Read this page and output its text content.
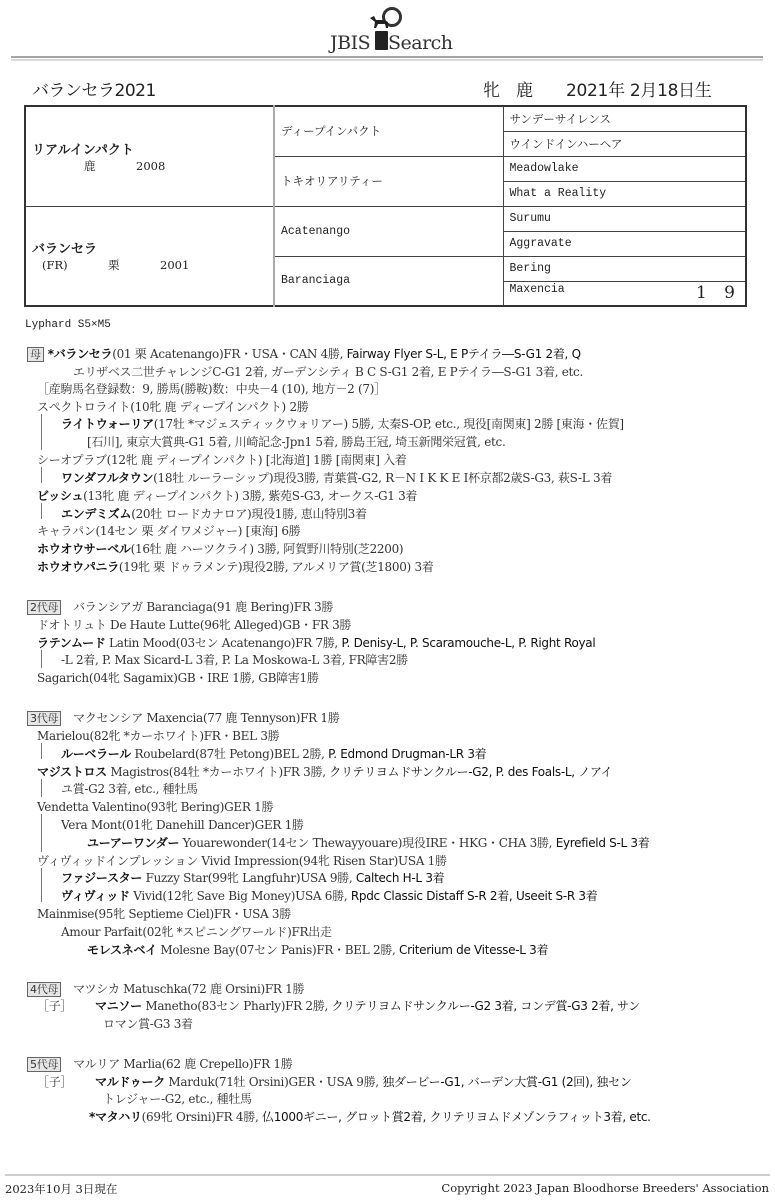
JBIS Search
バランセラ2021	牝 鹿 2021年 2月18日生
リアルインパクト
鹿 2008	ディープインパクト	サンデーサイレンス
		ウインドインハーヘア
	トキオリアリティー	Meadowlake
		What a Reality

バランセラ
(FR) 栗 2001	Acatenango	Surumu
		Aggravate
	Baranciaga	Bering
		Maxencia 1 9
Lyphard S5×M5
母 *バランセラ(01 栗 Acatenango)FR・USA・CAN 4勝, Fairway Flyer S-L, E Pテイラ―S-G1 2着, Q
エリザベス二世チャレンジC-G1 2着, ガーデンシティ B C S-G1 2着, E Pテイラ―S-G1 3着, etc.
［産駒馬名登録数：9, 勝馬(勝鞍)数：中央－4 (10), 地方－2 (7)］
スペクトロライト(10牝 鹿 ディープインパクト) 2勝
ライトウォーリア(17牡 *マジェスティックウォリアー) 5勝, 太秦S-OP, etc., 現役[南関東] 2勝 [東海・佐賀]
[石川], 東京大賞典-G1 5着, 川崎記念-Jpn1 5着, 勝島王冠, 埼玉新聞栄冠賞, etc.
シーオプラブ(12牝 鹿 ディープインパクト) [北海道] 1勝 [南関東] 入着
ワンダフルタウン(18牡 ルーラーシップ)現役3勝, 青葉賞-G2, R－N I K K E I杯京都2歳S-G3, 萩S-L 3着
ビッシュ(13牝 鹿 ディープインパクト) 3勝, 紫苑S-G3, オークス-G1 3着
エンデミズム(20牡 ロードカナロア)現役1勝, 恵山特別3着
キャラパン(14セン 栗 ダイワメジャー) [東海] 6勝
ホウオウサーベル(16牡 鹿 ハーツクライ) 3勝, 阿賀野川特別(芝2200)
ホウオウパニラ(19牝 栗 ドゥラメンテ)現役2勝, アルメリア賞(芝1800) 3着
2代母 バランシアガ Baranciaga(91 鹿 Bering)FR 3勝
ドオトリュト De Haute Lutte(96牝 Alleged)GB・FR 3勝
ラテンムード Latin Mood(03セン Acatenango)FR 7勝, P. Denisy-L, P. Scaramouche-L, P. Right Royal
-L 2着, P. Max Sicard-L 3着, P. La Moskowa-L 3着, FR障害2勝
Sagarich(04牝 Sagamix)GB・IRE 1勝, GB障害1勝
3代母 マクセンシア Maxencia(77 鹿 Tennyson)FR 1勝
Marielou(82牝 *カーホワイト)FR・BEL 3勝
ルーベラール Roubelard(87牡 Petong)BEL 2勝, P. Edmond Drugman-LR 3着
マジストロス Magistros(84牡 *カーホワイト)FR 3勝, クリテリヨムドサンクルー-G2, P. des Foals-L, ノアイ
ユ賞-G2 3着, etc., 種牡馬
Vendetta Valentino(93牝 Bering)GER 1勝
Vera Mont(01牝 Danehill Dancer)GER 1勝
ユーアーワンダー Youarewonder(14セン Thewayyouare)現役IRE・HKG・CHA 3勝, Eyrefield S-L 3着
ヴィヴィッドインプレッション Vivid Impression(94牝 Risen Star)USA 1勝
ファジースター Fuzzy Star(99牝 Langfuhr)USA 9勝, Caltech H-L 3着
ヴィヴィッド Vivid(12牝 Save Big Money)USA 6勝, Rpdc Classic Distaff S-R 2着, Useeit S-R 3着
Mainmise(95牝 Septieme Ciel)FR・USA 3勝
Amour Parfait(02牝 *スピニングワールド)FR出走
モレスネベイ Molesne Bay(07セン Panis)FR・BEL 2勝, Criterium de Vitesse-L 3着
4代母 マツシカ Matuschka(72 鹿 Orsini)FR 1勝
［子］ マニソー Manetho(83セン Pharly)FR 2勝, クリテリヨムドサンクルー-G2 3着, コンデ賞-G3 2着, サン
ロマン賞-G3 3着
5代母 マルリア Marlia(62 鹿 Crepello)FR 1勝
［子］ マルドゥーク Marduk(71牡 Orsini)GER・USA 9勝, 独ダービー-G1, バーデン大賞-G1 (2回), 独セン
トレジャー-G2, etc., 種牡馬
*マタハリ(69牝 Orsini)FR 4勝, 仏1000ギニー, グロット賞2着, クリテリヨムドメゾンラフィット3着, etc.
2023年10月 3日現在	Copyright 2023 Japan Bloodhorse Breeders' Association
